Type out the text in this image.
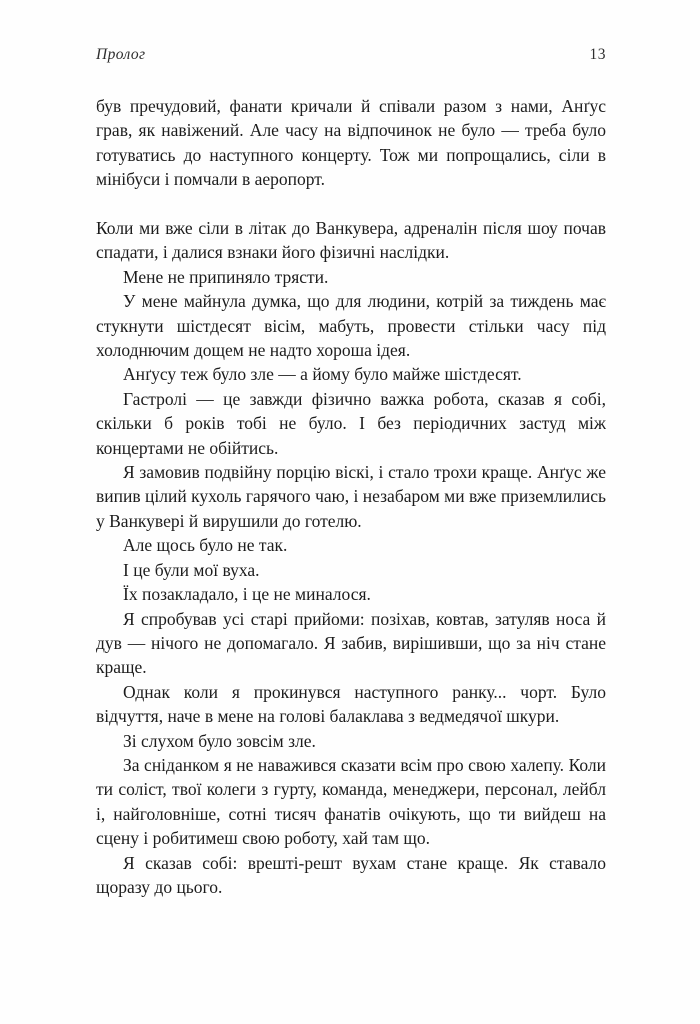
Пролог	13

був пречудовий, фанати кричали й співали разом з нами, Анґус грав, як навіжений. Але часу на відпочинок не було — треба було готуватись до наступного концерту. Тож ми попрощались, сіли в мінібуси і помчали в аеропорт.

Коли ми вже сіли в літак до Ванкувера, адреналін після шоу почав спадати, і далися взнаки його фізичні наслідки.

Мене не припиняло трясти.

У мене майнула думка, що для людини, котрій за тиждень має стукнути шістдесят вісім, мабуть, провести стільки часу під холоднючим дощем не надто хороша ідея.

Анґусу теж було зле — а йому було майже шістдесят.

Гастролі — це завжди фізично важка робота, сказав я собі, скільки б років тобі не було. І без періодичних застуд між концертами не обійтись.

Я замовив подвійну порцію віскі, і стало трохи краще. Анґус же випив цілий кухоль гарячого чаю, і незабаром ми вже приземлились у Ванкувері й вирушили до готелю.

Але щось було не так.

І це були мої вуха.

Їх позакладало, і це не миналося.

Я спробував усі старі прийоми: позіхав, ковтав, затуляв носа й дув — нічого не допомагало. Я забив, вирішивши, що за ніч стане краще.

Однак коли я прокинувся наступного ранку... чорт. Було відчуття, наче в мене на голові балаклава з ведмедячої шкури.

Зі слухом було зовсім зле.

За сніданком я не наважився сказати всім про свою халепу. Коли ти соліст, твої колеги з гурту, команда, менеджери, персонал, лейбл і, найголовніше, сотні тисяч фанатів очікують, що ти вийдеш на сцену і робитимеш свою роботу, хай там що.

Я сказав собі: врешті-решт вухам стане краще. Як ставало щоразу до цього.
